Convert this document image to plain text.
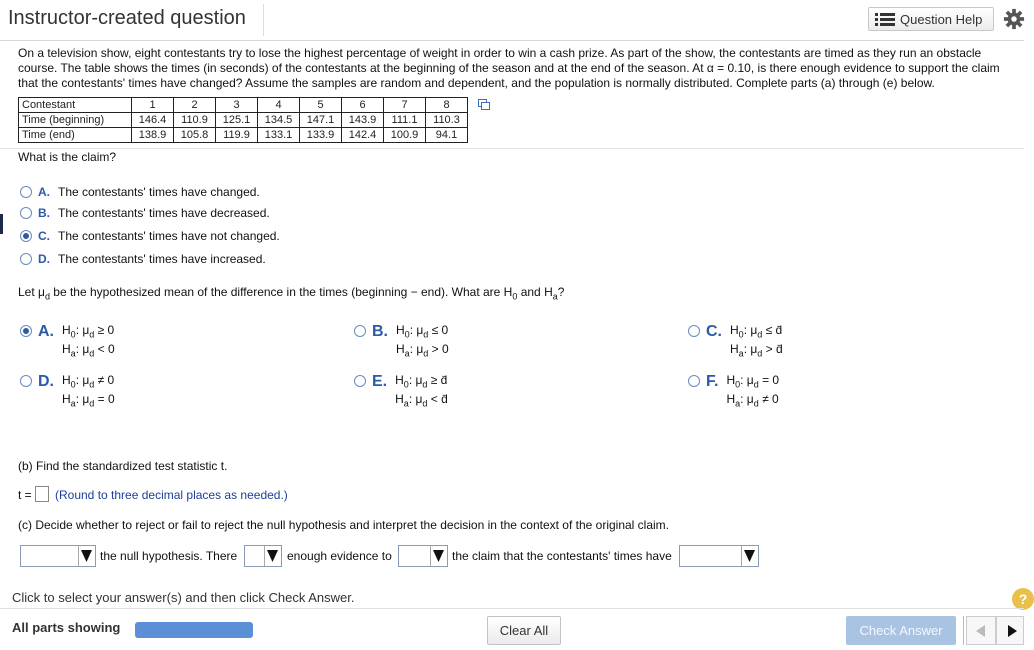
Instructor-created question	Question Help
On a television show, eight contestants try to lose the highest percentage of weight in order to win a cash prize. As part of the show, the contestants are timed as they run an obstacle course. The table shows the times (in seconds) of the contestants at the beginning of the season and at the end of the season. At α = 0.10, is there enough evidence to support the claim that the contestants' times have changed? Assume the samples are random and dependent, and the population is normally distributed. Complete parts (a) through (e) below.
Contestant	1	2	3	4	5	6	7	8
Time (beginning)	146.4	110.9	125.1	134.5	147.1	143.9	111.1	110.3
Time (end)	138.9	105.8	119.9	133.1	133.9	142.4	100.9	94.1
What is the claim?
A. The contestants' times have changed.
B. The contestants' times have decreased.
C. The contestants' times have not changed.
D. The contestants' times have increased.
Let $\mu_d$ be the hypothesized mean of the difference in the times (beginning − end). What are $H_0$ and $H_a$?
A. $H_0$: $\mu_d \ge 0$
$H_a$: $\mu_d < 0$
B. $H_0$: $\mu_d \le 0$
$H_a$: $\mu_d > 0$
C. $H_0$: $\mu_d$ ≤ d̄
$H_a$: $\mu_d$ > d̄
D. $H_0$: $\mu_d \ne 0$
$H_a$: $\mu_d = 0$
E. $H_0$: $\mu_d$ ≥ d̄
$H_a$: $\mu_d$ < d̄
F. $H_0$: $\mu_d = 0$
$H_a$: $\mu_d \ne 0$
(b) Find the standardized test statistic t.
t = (Round to three decimal places as needed.)
(c) Decide whether to reject or fail to reject the null hypothesis and interpret the decision in the context of the original claim.
the null hypothesis. There	enough evidence to	the claim that the contestants' times have
Click to select your answer(s) and then click Check Answer.	?
All parts showing	Clear All	Check Answer
